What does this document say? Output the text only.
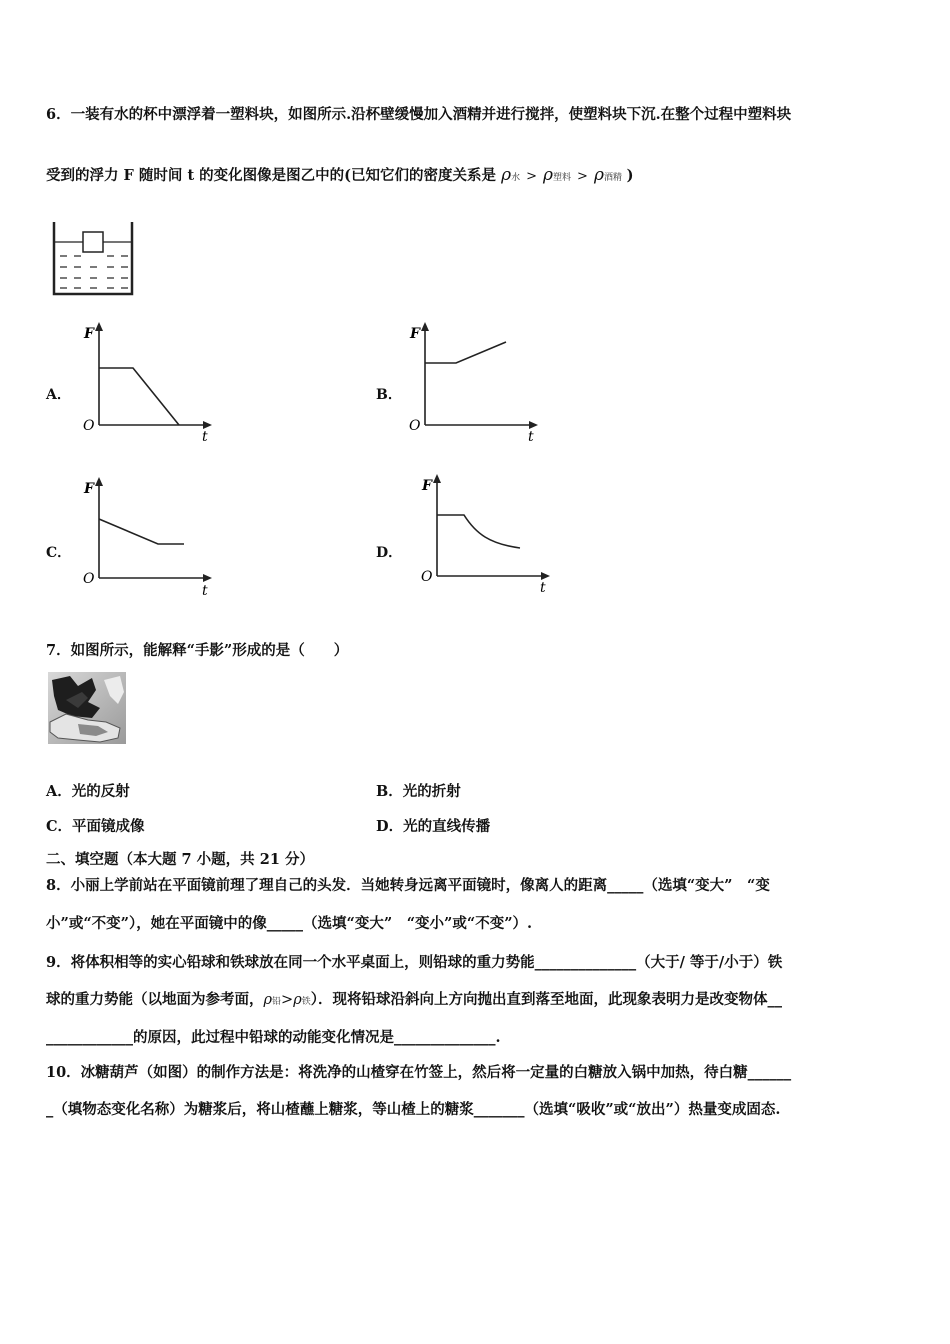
6．一装有水的杯中漂浮着一塑料块，如图所示.沿杯壁缓慢加入酒精并进行搅拌，使塑料块下沉.在整个过程中塑料块
受到的浮力 F 随时间 t 的变化图像是图乙中的(已知它们的密度关系是 ρ水 > ρ塑料 > ρ酒精 )
A．
F
O
t
B．
F
O
t
C．
F
O
t
D．
F
O
t
7．如图所示，能解释“手影”形成的是（　　）
A．光的反射	B．光的折射
C．平面镜成像	D．光的直线传播
二、填空题（本大题 7 小题，共 21 分）
8．小丽上学前站在平面镜前理了理自己的头发．当她转身远离平面镜时，像离人的距离_____（选填“变大”　“变
小”或“不变”），她在平面镜中的像_____（选填“变大”　“变小”或“不变”）.
9．将体积相等的实心铅球和铁球放在同一个水平桌面上，则铅球的重力势能______________（大于/ 等于/小于）铁
球的重力势能（以地面为参考面，ρ铅>ρ铁）．现将铅球沿斜向上方向抛出直到落至地面，此现象表明力是改变物体__
____________的原因，此过程中铅球的动能变化情况是______________.
10．冰糖葫芦（如图）的制作方法是：将洗净的山楂穿在竹签上，然后将一定量的白糖放入锅中加热，待白糖______
_（填物态变化名称）为糖浆后，将山楂蘸上糖浆，等山楂上的糖浆_______（选填“吸收”或“放出”）热量变成固态.
